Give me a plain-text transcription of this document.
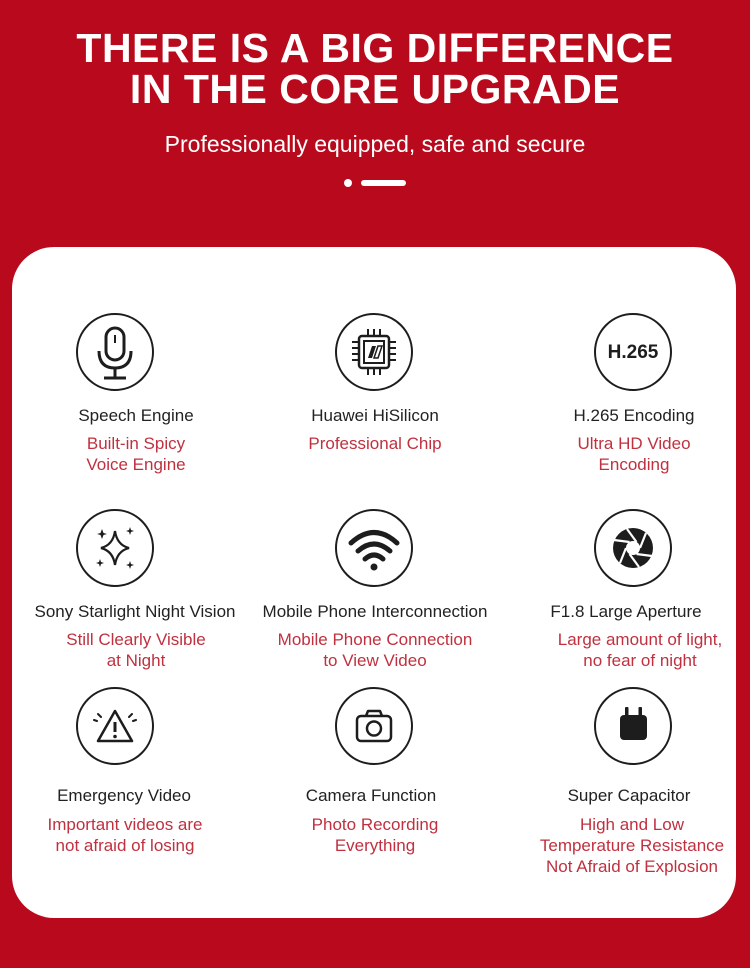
THERE IS A BIG DIFFERENCE
IN THE CORE UPGRADE
Professionally equipped, safe and secure
Speech Engine
Built-in Spicy
Voice Engine
Huawei HiSilicon
Professional Chip
H.265
H.265 Encoding
Ultra HD Video
Encoding
Sony Starlight Night Vision
Still Clearly Visible
at Night
Mobile Phone Interconnection
Mobile Phone Connection
to View Video
F1.8 Large Aperture
Large amount of light,
no fear of night
Emergency Video
Important videos are
not afraid of losing
Camera Function
Photo Recording
Everything
Super Capacitor
High and Low
Temperature Resistance
Not Afraid of Explosion
